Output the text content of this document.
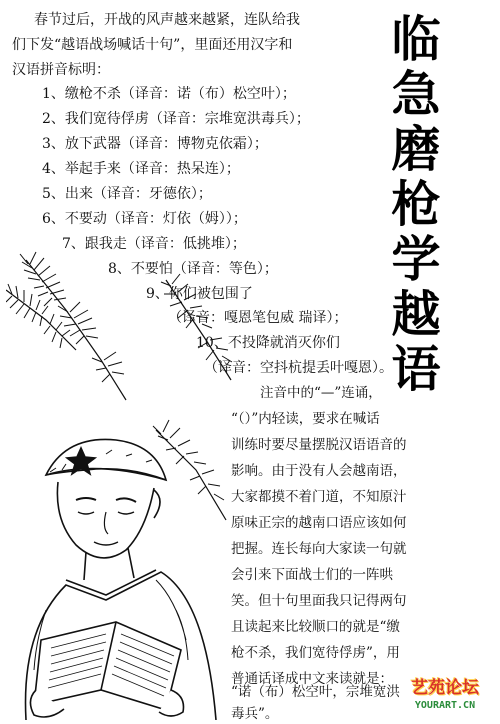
临
急
磨
枪
学
越
语
春节过后，开战的风声越来越紧，连队给我
们下发“越语战场喊话十句”，里面还用汉字和
汉语拼音标明：
1、缴枪不杀（译音：诺（布）松空叶）；
2、我们宽待俘虏（译音：宗堆宽洪毒兵）；
3、放下武器（译音：博物克依霜）；
4、举起手来（译音：热呆连）；
5、出来（译音：牙德依）；
6、不要动（译音：灯依（姆））；
7、跟我走（译音：低挑堆）；
8、不要怕（译音：等色）；
9、你们被包围了
（译音：嘎恩笔包威 瑞译）；
10、不投降就消灭你们
（译音：空抖杭提丢叶嘎恩）。
注音中的“—”连诵，
“（）”内轻读，要求在喊话
训练时要尽量摆脱汉语语音的
影响。由于没有人会越南语，
大家都摸不着门道，不知原汁
原味正宗的越南口语应该如何
把握。连长每向大家读一句就
会引来下面战士们的一阵哄
笑。但十句里面我只记得两句
且读起来比较顺口的就是“缴
枪不杀，我们宽待俘虏”，用
普通话译成中文来读就是：
“诺（布）松空叶，宗堆宽洪
毒兵”。
艺苑论坛
YOURART.CN
